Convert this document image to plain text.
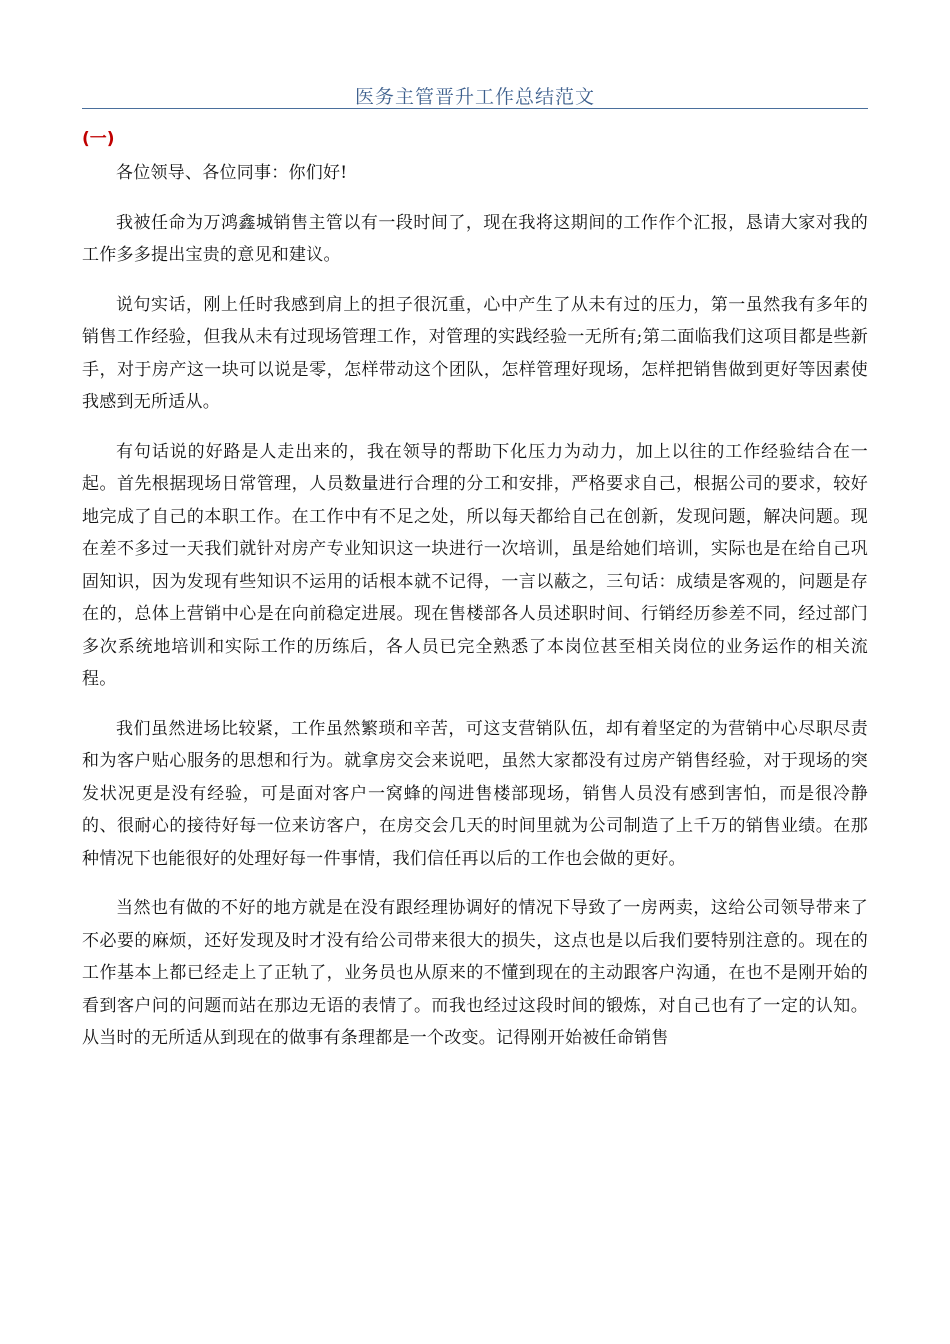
医务主管晋升工作总结范文
(一)

各位领导、各位同事：你们好!

我被任命为万鸿鑫城销售主管以有一段时间了，现在我将这期间的工作作个汇报，恳请大家对我的工作多多提出宝贵的意见和建议。

说句实话，刚上任时我感到肩上的担子很沉重，心中产生了从未有过的压力，第一虽然我有多年的销售工作经验，但我从未有过现场管理工作，对管理的实践经验一无所有;第二面临我们这项目都是些新手，对于房产这一块可以说是零，怎样带动这个团队，怎样管理好现场，怎样把销售做到更好等因素使我感到无所适从。

有句话说的好路是人走出来的，我在领导的帮助下化压力为动力，加上以往的工作经验结合在一起。首先根据现场日常管理，人员数量进行合理的分工和安排，严格要求自己，根据公司的要求，较好地完成了自己的本职工作。在工作中有不足之处，所以每天都给自己在创新，发现问题，解决问题。现在差不多过一天我们就针对房产专业知识这一块进行一次培训，虽是给她们培训，实际也是在给自己巩固知识，因为发现有些知识不运用的话根本就不记得，一言以蔽之，三句话：成绩是客观的，问题是存在的，总体上营销中心是在向前稳定进展。现在售楼部各人员述职时间、行销经历参差不同，经过部门多次系统地培训和实际工作的历练后，各人员已完全熟悉了本岗位甚至相关岗位的业务运作的相关流程。

我们虽然进场比较紧，工作虽然繁琐和辛苦，可这支营销队伍，却有着坚定的为营销中心尽职尽责和为客户贴心服务的思想和行为。就拿房交会来说吧，虽然大家都没有过房产销售经验，对于现场的突发状况更是没有经验，可是面对客户一窝蜂的闯进售楼部现场，销售人员没有感到害怕，而是很冷静的、很耐心的接待好每一位来访客户，在房交会几天的时间里就为公司制造了上千万的销售业绩。在那种情况下也能很好的处理好每一件事情，我们信任再以后的工作也会做的更好。

当然也有做的不好的地方就是在没有跟经理协调好的情况下导致了一房两卖，这给公司领导带来了不必要的麻烦，还好发现及时才没有给公司带来很大的损失，这点也是以后我们要特别注意的。现在的工作基本上都已经走上了正轨了，业务员也从原来的不懂到现在的主动跟客户沟通，在也不是刚开始的看到客户问的问题而站在那边无语的表情了。而我也经过这段时间的锻炼，对自己也有了一定的认知。从当时的无所适从到现在的做事有条理都是一个改变。记得刚开始被任命销售
